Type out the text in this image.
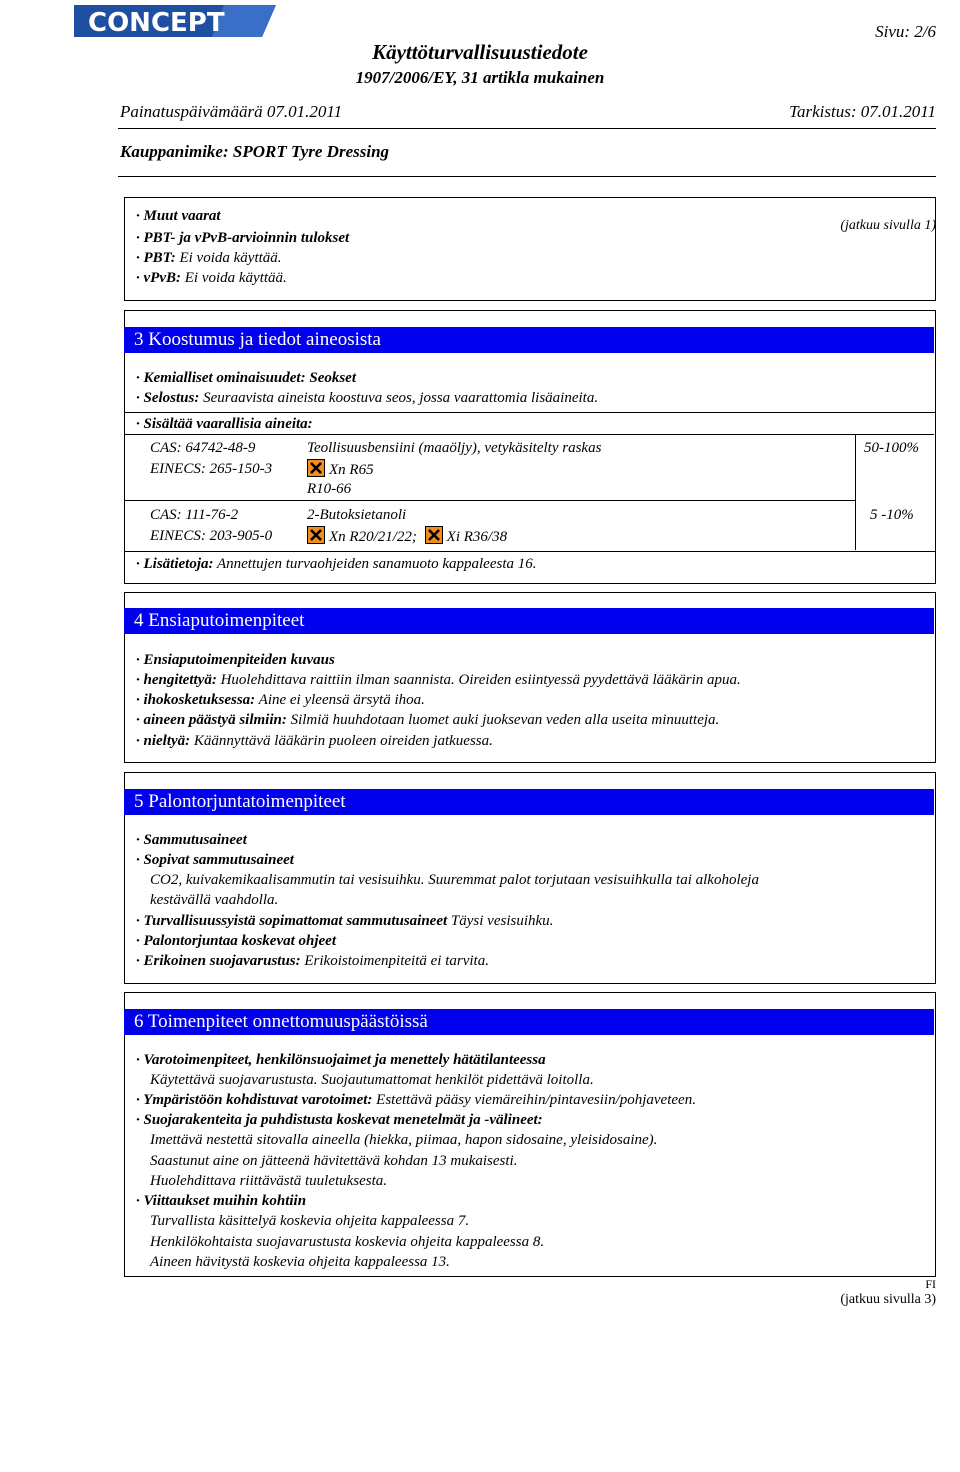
CONCEPT	Sivu: 2/6
Käyttöturvallisuustiedote
1907/2006/EY, 31 artikla mukainen
Painatuspäivämäärä 07.01.2011	Tarkistus: 07.01.2011
Kauppanimike: SPORT Tyre Dressing
(jatkuu sivulla 1)
· Muut vaarat
· PBT- ja vPvB-arvioinnin tulokset
· PBT: Ei voida käyttää.
· vPvB: Ei voida käyttää.
3 Koostumus ja tiedot aineosista
· Kemialliset ominaisuudet: Seokset
· Selostus: Seuraavista aineista koostuva seos, jossa vaarattomia lisäaineita.
· Sisältää vaarallisia aineita:
CAS: 64742-48-9
EINECS: 265-150-3
Teollisuusbensiini (maaöljy), vetykäsitelty raskas
Xn R65
R10-66
50-100%
CAS: 111-76-2
EINECS: 203-905-0
2-Butoksietanoli
Xn R20/21/22; Xi R36/38
5 -10%
· Lisätietoja: Annettujen turvaohjeiden sanamuoto kappaleesta 16.
4 Ensiaputoimenpiteet
· Ensiaputoimenpiteiden kuvaus
· hengitettyä: Huolehdittava raittiin ilman saannista. Oireiden esiintyessä pyydettävä lääkärin apua.
· ihokosketuksessa: Aine ei yleensä ärsytä ihoa.
· aineen päästyä silmiin: Silmiä huuhdotaan luomet auki juoksevan veden alla useita minuutteja.
· nieltyä: Käännyttävä lääkärin puoleen oireiden jatkuessa.
5 Palontorjuntatoimenpiteet
· Sammutusaineet
· Sopivat sammutusaineet
CO2, kuivakemikaalisammutin tai vesisuihku. Suuremmat palot torjutaan vesisuihkulla tai alkoholeja
kestävällä vaahdolla.
· Turvallisuussyistä sopimattomat sammutusaineet Täysi vesisuihku.
· Palontorjuntaa koskevat ohjeet
· Erikoinen suojavarustus: Erikoistoimenpiteitä ei tarvita.
6 Toimenpiteet onnettomuuspäästöissä
· Varotoimenpiteet, henkilönsuojaimet ja menettely hätätilanteessa
Käytettävä suojavarustusta. Suojautumattomat henkilöt pidettävä loitolla.
· Ympäristöön kohdistuvat varotoimet: Estettävä pääsy viemäreihin/pintavesiin/pohjaveteen.
· Suojarakenteita ja puhdistusta koskevat menetelmät ja -välineet:
Imettävä nestettä sitovalla aineella (hiekka, piimaa, hapon sidosaine, yleisidosaine).
Saastunut aine on jätteenä hävitettävä kohdan 13 mukaisesti.
Huolehdittava riittävästä tuuletuksesta.
· Viittaukset muihin kohtiin
Turvallista käsittelyä koskevia ohjeita kappaleessa 7.
Henkilökohtaista suojavarustusta koskevia ohjeita kappaleessa 8.
Aineen hävitystä koskevia ohjeita kappaleessa 13.
FI
(jatkuu sivulla 3)
